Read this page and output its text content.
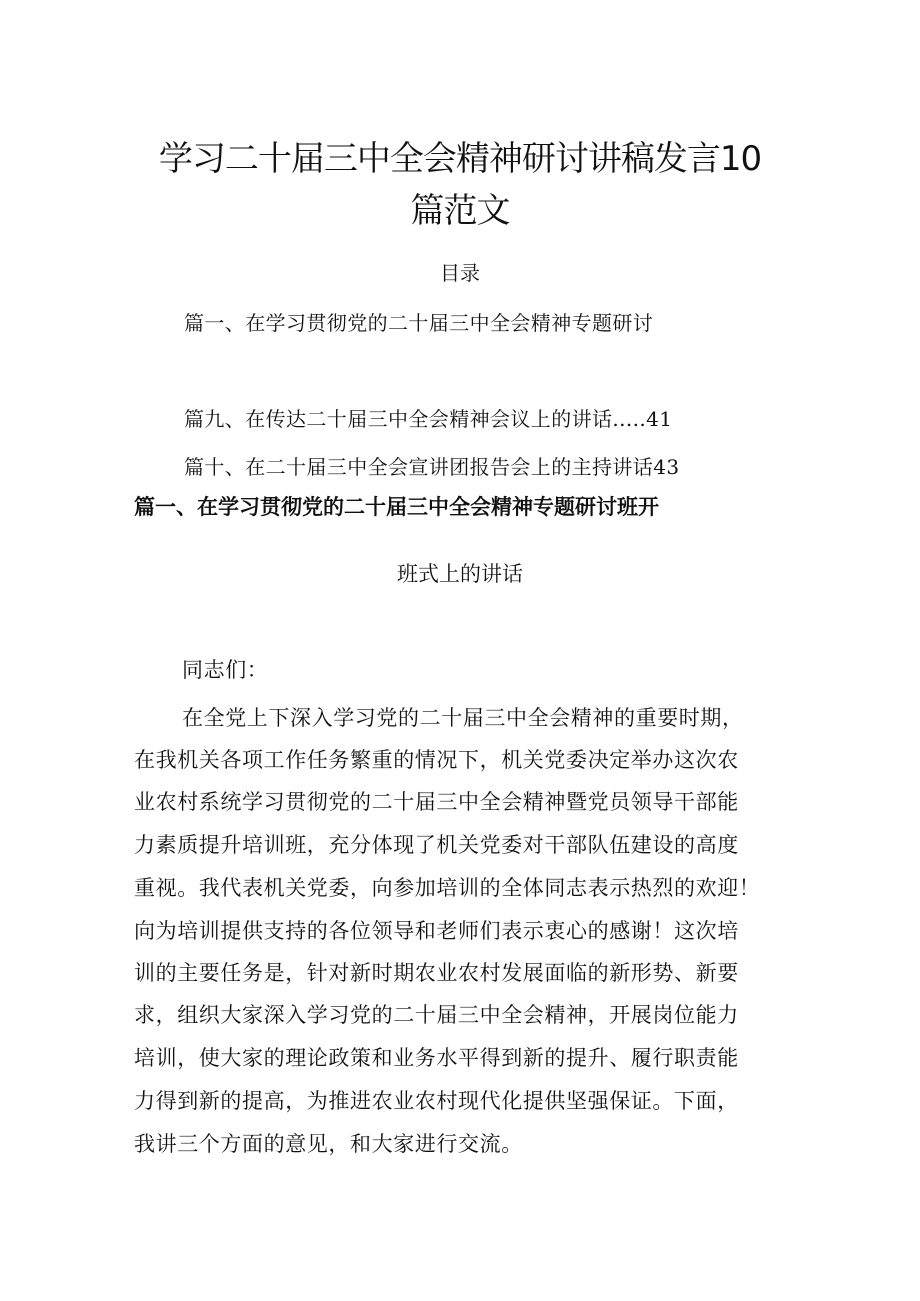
学习二十届三中全会精神研讨讲稿发言10
篇范文
目录
篇一、在学习贯彻党的二十届三中全会精神专题研讨
篇九、在传达二十届三中全会精神会议上的讲话.....41
篇十、在二十届三中全会宣讲团报告会上的主持讲话43
篇一、在学习贯彻党的二十届三中全会精神专题研讨班开
班式上的讲话
同志们：
在全党上下深入学习党的二十届三中全会精神的重要时期，
在我机关各项工作任务繁重的情况下，机关党委决定举办这次农
业农村系统学习贯彻党的二十届三中全会精神暨党员领导干部能
力素质提升培训班，充分体现了机关党委对干部队伍建设的高度
重视。我代表机关党委，向参加培训的全体同志表示热烈的欢迎！
向为培训提供支持的各位领导和老师们表示衷心的感谢！这次培
训的主要任务是，针对新时期农业农村发展面临的新形势、新要
求，组织大家深入学习党的二十届三中全会精神，开展岗位能力
培训，使大家的理论政策和业务水平得到新的提升、履行职责能
力得到新的提高，为推进农业农村现代化提供坚强保证。下面，
我讲三个方面的意见，和大家进行交流。
